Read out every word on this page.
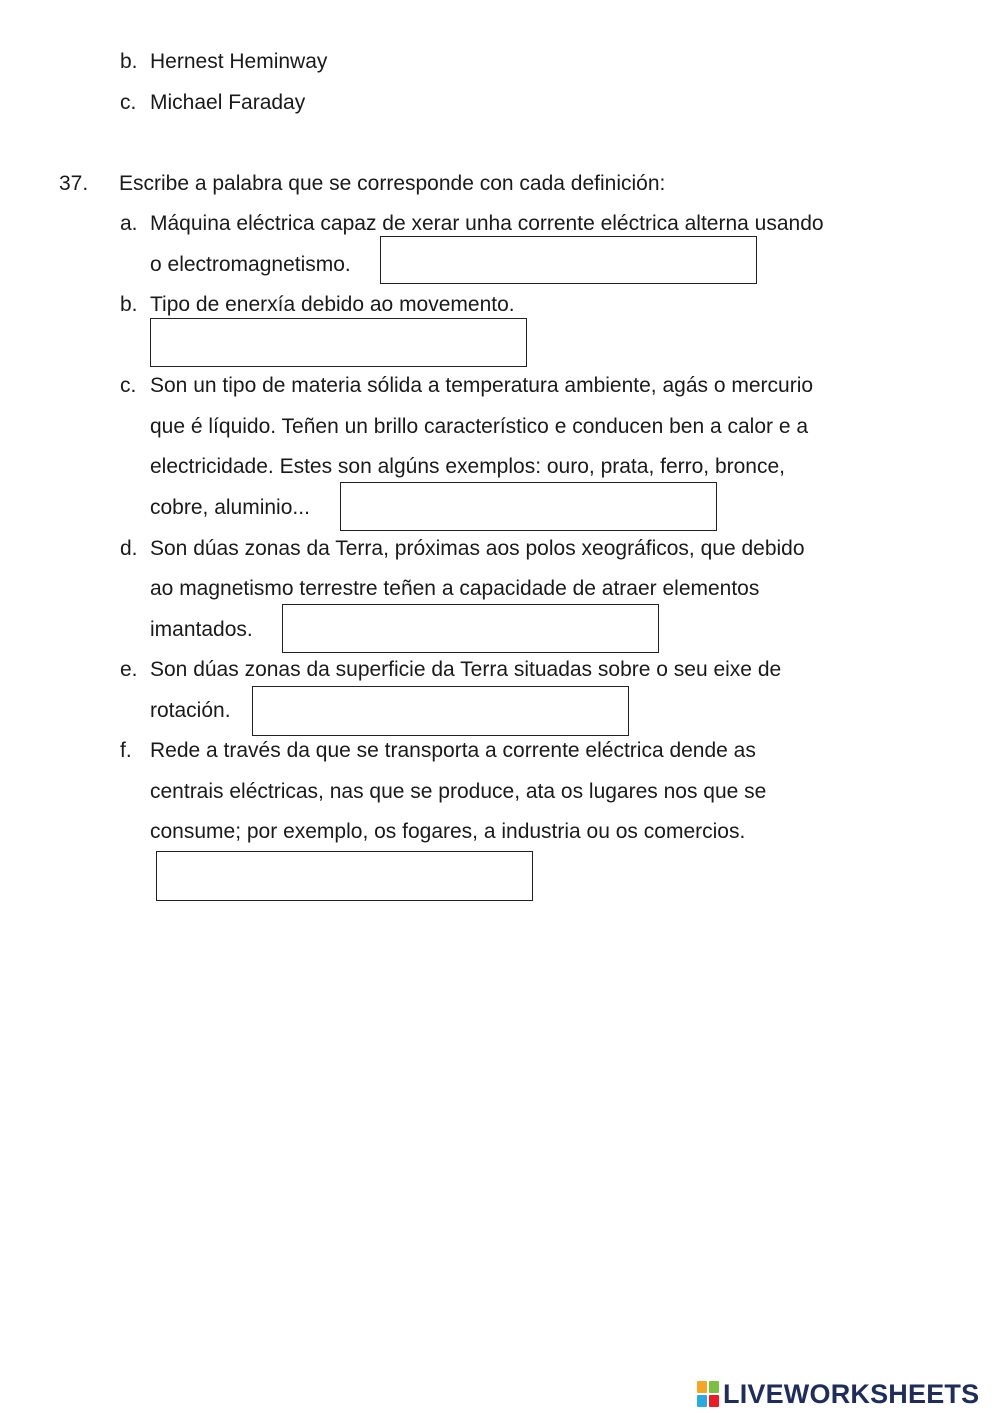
b. Hernest Heminway
c. Michael Faraday
37. Escribe a palabra que se corresponde con cada definición:
a. Máquina eléctrica capaz de xerar unha corrente eléctrica alterna usando
o electromagnetismo.
b. Tipo de enerxía debido ao movemento.
c. Son un tipo de materia sólida a temperatura ambiente, agás o mercurio
que é líquido. Teñen un brillo característico e conducen ben a calor e a
electricidade. Estes son algúns exemplos: ouro, prata, ferro, bronce,
cobre, aluminio...
d. Son dúas zonas da Terra, próximas aos polos xeográficos, que debido
ao magnetismo terrestre teñen a capacidade de atraer elementos
imantados.
e. Son dúas zonas da superficie da Terra situadas sobre o seu eixe de
rotación.
f. Rede a través da que se transporta a corrente eléctrica dende as
centrais eléctricas, nas que se produce, ata os lugares nos que se
consume; por exemplo, os fogares, a industria ou os comercios.
LIVEWORKSHEETS
